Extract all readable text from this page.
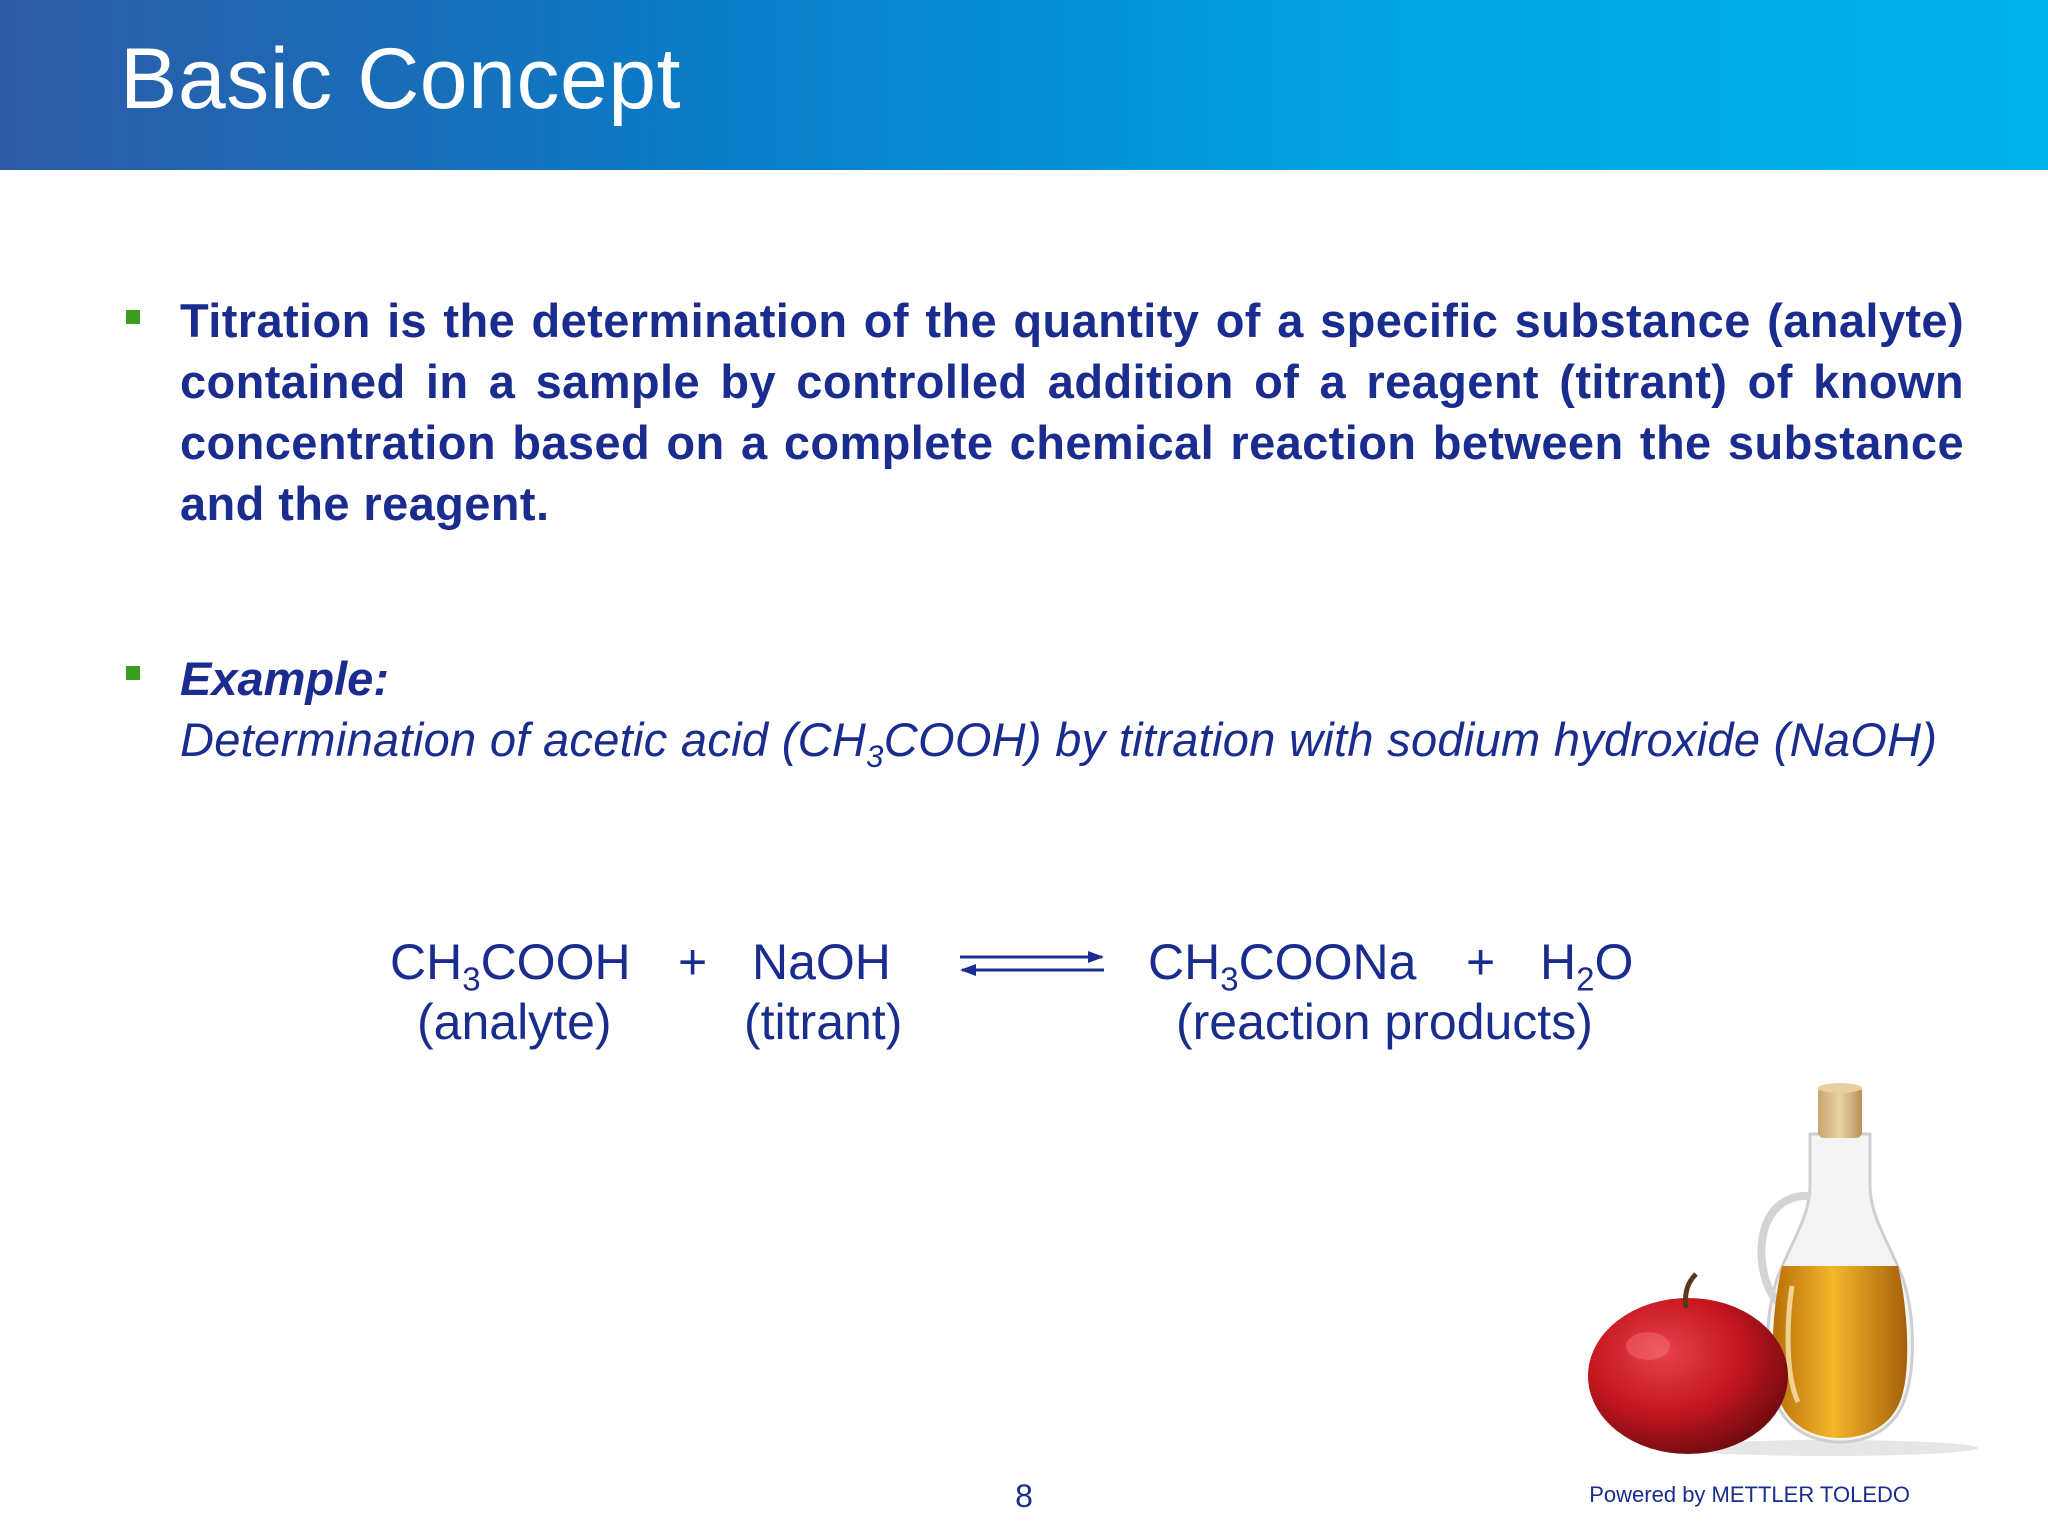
Basic Concept
Titration is the determination of the quantity of a specific substance (analyte) contained in a sample by controlled addition of a reagent (titrant) of known concentration based on a complete chemical reaction between the substance and the reagent.
Example:
Determination of acetic acid $(CH_3COOH)$ by titration with sodium hydroxide (NaOH)
$CH_3COOH$ + NaOH	$CH_3COONa + H_2O$
(analyte)	(titrant)	(reaction products)
8	Powered by METTLER TOLEDO
